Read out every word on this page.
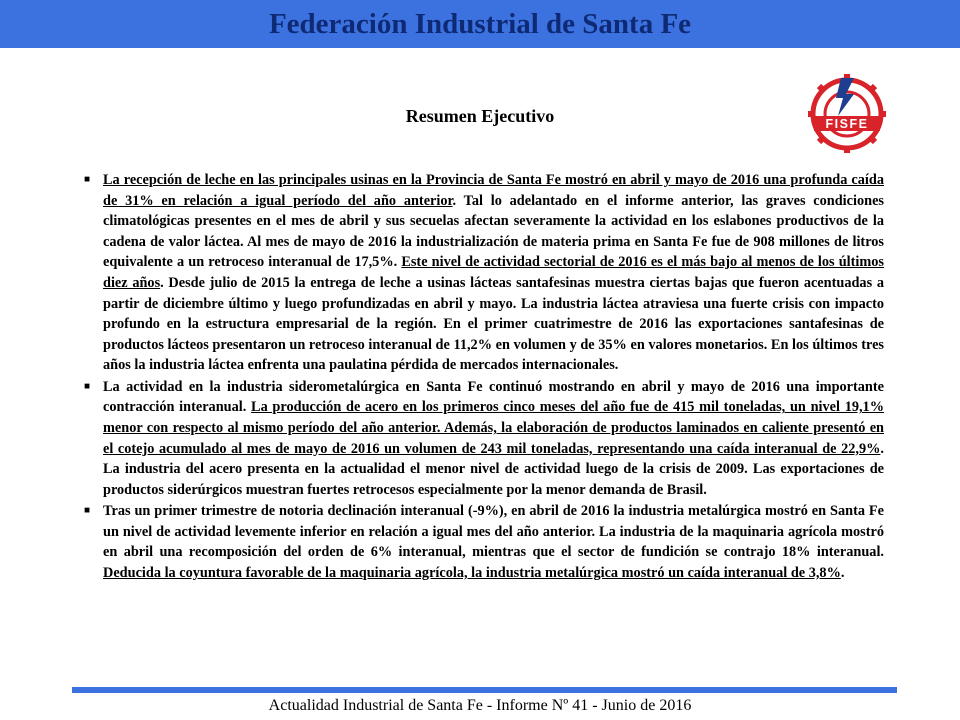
Federación Industrial de Santa Fe
Resumen Ejecutivo	FISFE
■ La recepción de leche en las principales usinas en la Provincia de Santa Fe mostró en abril y mayo de 2016 una profunda caída de 31% en relación a igual período del año anterior. Tal lo adelantado en el informe anterior, las graves condiciones climatológicas presentes en el mes de abril y sus secuelas afectan severamente la actividad en los eslabones productivos de la cadena de valor láctea. Al mes de mayo de 2016 la industrialización de materia prima en Santa Fe fue de 908 millones de litros equivalente a un retroceso interanual de 17,5%. Este nivel de actividad sectorial de 2016 es el más bajo al menos de los últimos diez años. Desde julio de 2015 la entrega de leche a usinas lácteas santafesinas muestra ciertas bajas que fueron acentuadas a partir de diciembre último y luego profundizadas en abril y mayo. La industria láctea atraviesa una fuerte crisis con impacto profundo en la estructura empresarial de la región. En el primer cuatrimestre de 2016 las exportaciones santafesinas de productos lácteos presentaron un retroceso interanual de 11,2% en volumen y de 35% en valores monetarios. En los últimos tres años la industria láctea enfrenta una paulatina pérdida de mercados internacionales.
■ La actividad en la industria siderometalúrgica en Santa Fe continuó mostrando en abril y mayo de 2016 una importante contracción interanual. La producción de acero en los primeros cinco meses del año fue de 415 mil toneladas, un nivel 19,1% menor con respecto al mismo período del año anterior. Además, la elaboración de productos laminados en caliente presentó en el cotejo acumulado al mes de mayo de 2016 un volumen de 243 mil toneladas, representando una caída interanual de 22,9%. La industria del acero presenta en la actualidad el menor nivel de actividad luego de la crisis de 2009. Las exportaciones de productos siderúrgicos muestran fuertes retrocesos especialmente por la menor demanda de Brasil.
■ Tras un primer trimestre de notoria declinación interanual (-9%), en abril de 2016 la industria metalúrgica mostró en Santa Fe un nivel de actividad levemente inferior en relación a igual mes del año anterior. La industria de la maquinaria agrícola mostró en abril una recomposición del orden de 6% interanual, mientras que el sector de fundición se contrajo 18% interanual. Deducida la coyuntura favorable de la maquinaria agrícola, la industria metalúrgica mostró un caída interanual de 3,8%.
Actualidad Industrial de Santa Fe - Informe Nº 41 - Junio de 2016
